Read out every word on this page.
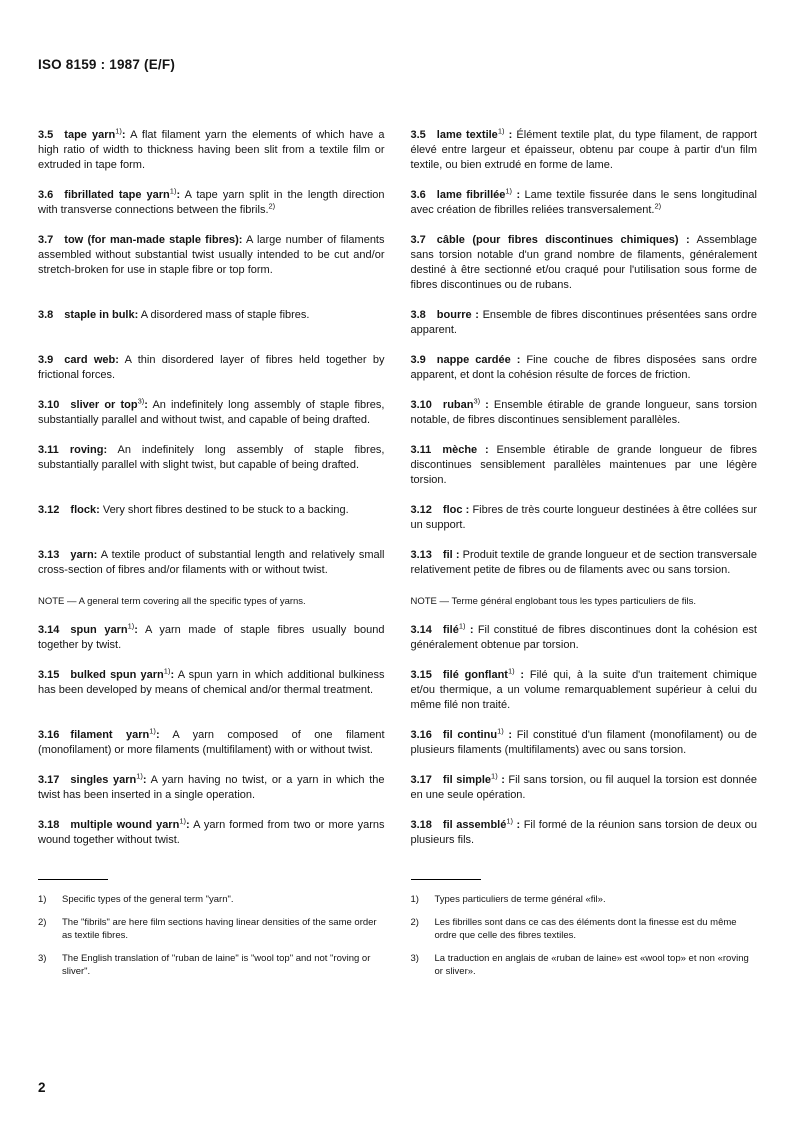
ISO 8159 : 1987 (E/F)

3.5 tape yarn$^{1)}$: A flat filament yarn the elements of which have a high ratio of width to thickness having been slit from a textile film or extruded in tape form.

3.5 lame textile$^{1)}$ : Élément textile plat, du type filament, de rapport élevé entre largeur et épaisseur, obtenu par coupe à partir d'un film textile, ou bien extrudé en forme de lame.

3.6 fibrillated tape yarn$^{1)}$: A tape yarn split in the length direction with transverse connections between the fibrils.$^{2)}$

3.6 lame fibrillée$^{1)}$ : Lame textile fissurée dans le sens longitudinal avec création de fibrilles reliées transversalement.$^{2)}$

3.7 tow (for man-made staple fibres): A large number of filaments assembled without substantial twist usually intended to be cut and/or stretch-broken for use in staple fibre or top form.

3.7 câble (pour fibres discontinues chimiques) : Assemblage sans torsion notable d'un grand nombre de filaments, généralement destiné à être sectionné et/ou craqué pour l'utilisation sous forme de fibres discontinues ou de rubans.

3.8 staple in bulk: A disordered mass of staple fibres.	3.8 bourre : Ensemble de fibres discontinues présentées sans ordre apparent.

3.9 card web: A thin disordered layer of fibres held together by frictional forces.

3.9 nappe cardée : Fine couche de fibres disposées sans ordre apparent, et dont la cohésion résulte de forces de friction.

3.10 sliver or top$^{3)}$: An indefinitely long assembly of staple fibres, substantially parallel and without twist, and capable of being drafted.

3.10 ruban$^{3)}$ : Ensemble étirable de grande longueur, sans torsion notable, de fibres discontinues sensiblement parallèles.

3.11 roving: An indefinitely long assembly of staple fibres, substantially parallel with slight twist, but capable of being drafted.

3.11 mèche : Ensemble étirable de grande longueur de fibres discontinues sensiblement parallèles maintenues par une légère torsion.

3.12 flock: Very short fibres destined to be stuck to a backing.	3.12 floc : Fibres de très courte longueur destinées à être collées sur un support.

3.13 yarn: A textile product of substantial length and relatively small cross-section of fibres and/or filaments with or without twist.

3.13 fil : Produit textile de grande longueur et de section transversale relativement petite de fibres ou de filaments avec ou sans torsion.

NOTE — A general term covering all the specific types of yarns.	NOTE — Terme général englobant tous les types particuliers de fils.

3.14 spun yarn$^{1)}$: A yarn made of staple fibres usually bound together by twist.

3.14 filé$^{1)}$ : Fil constitué de fibres discontinues dont la cohésion est généralement obtenue par torsion.

3.15 bulked spun yarn$^{1)}$: A spun yarn in which additional bulkiness has been developed by means of chemical and/or thermal treatment.

3.15 filé gonflant$^{1)}$ : Filé qui, à la suite d'un traitement chimique et/ou thermique, a un volume remarquablement supérieur à celui du même filé non traité.

3.16 filament yarn$^{1)}$: A yarn composed of one filament (monofilament) or more filaments (multifilament) with or without twist.

3.16 fil continu$^{1)}$ : Fil constitué d'un filament (monofilament) ou de plusieurs filaments (multifilaments) avec ou sans torsion.

3.17 singles yarn$^{1)}$: A yarn having no twist, or a yarn in which the twist has been inserted in a single operation.

3.17 fil simple$^{1)}$ : Fil sans torsion, ou fil auquel la torsion est donnée en une seule opération.

3.18 multiple wound yarn$^{1)}$: A yarn formed from two or more yarns wound together without twist.

3.18 fil assemblé$^{1)}$ : Fil formé de la réunion sans torsion de deux ou plusieurs fils.

1)	Specific types of the general term "yarn".	1)	Types particuliers de terme général «fil».
2)	The "fibrils" are here film sections having linear densities of the same order as textile fibres.
2)	Les fibrilles sont dans ce cas des éléments dont la finesse est du même ordre que celle des fibres textiles.
3)	The English translation of "ruban de laine" is "wool top" and not "roving or sliver".
3)	La traduction en anglais de «ruban de laine» est «wool top» et non «roving or sliver».
2
